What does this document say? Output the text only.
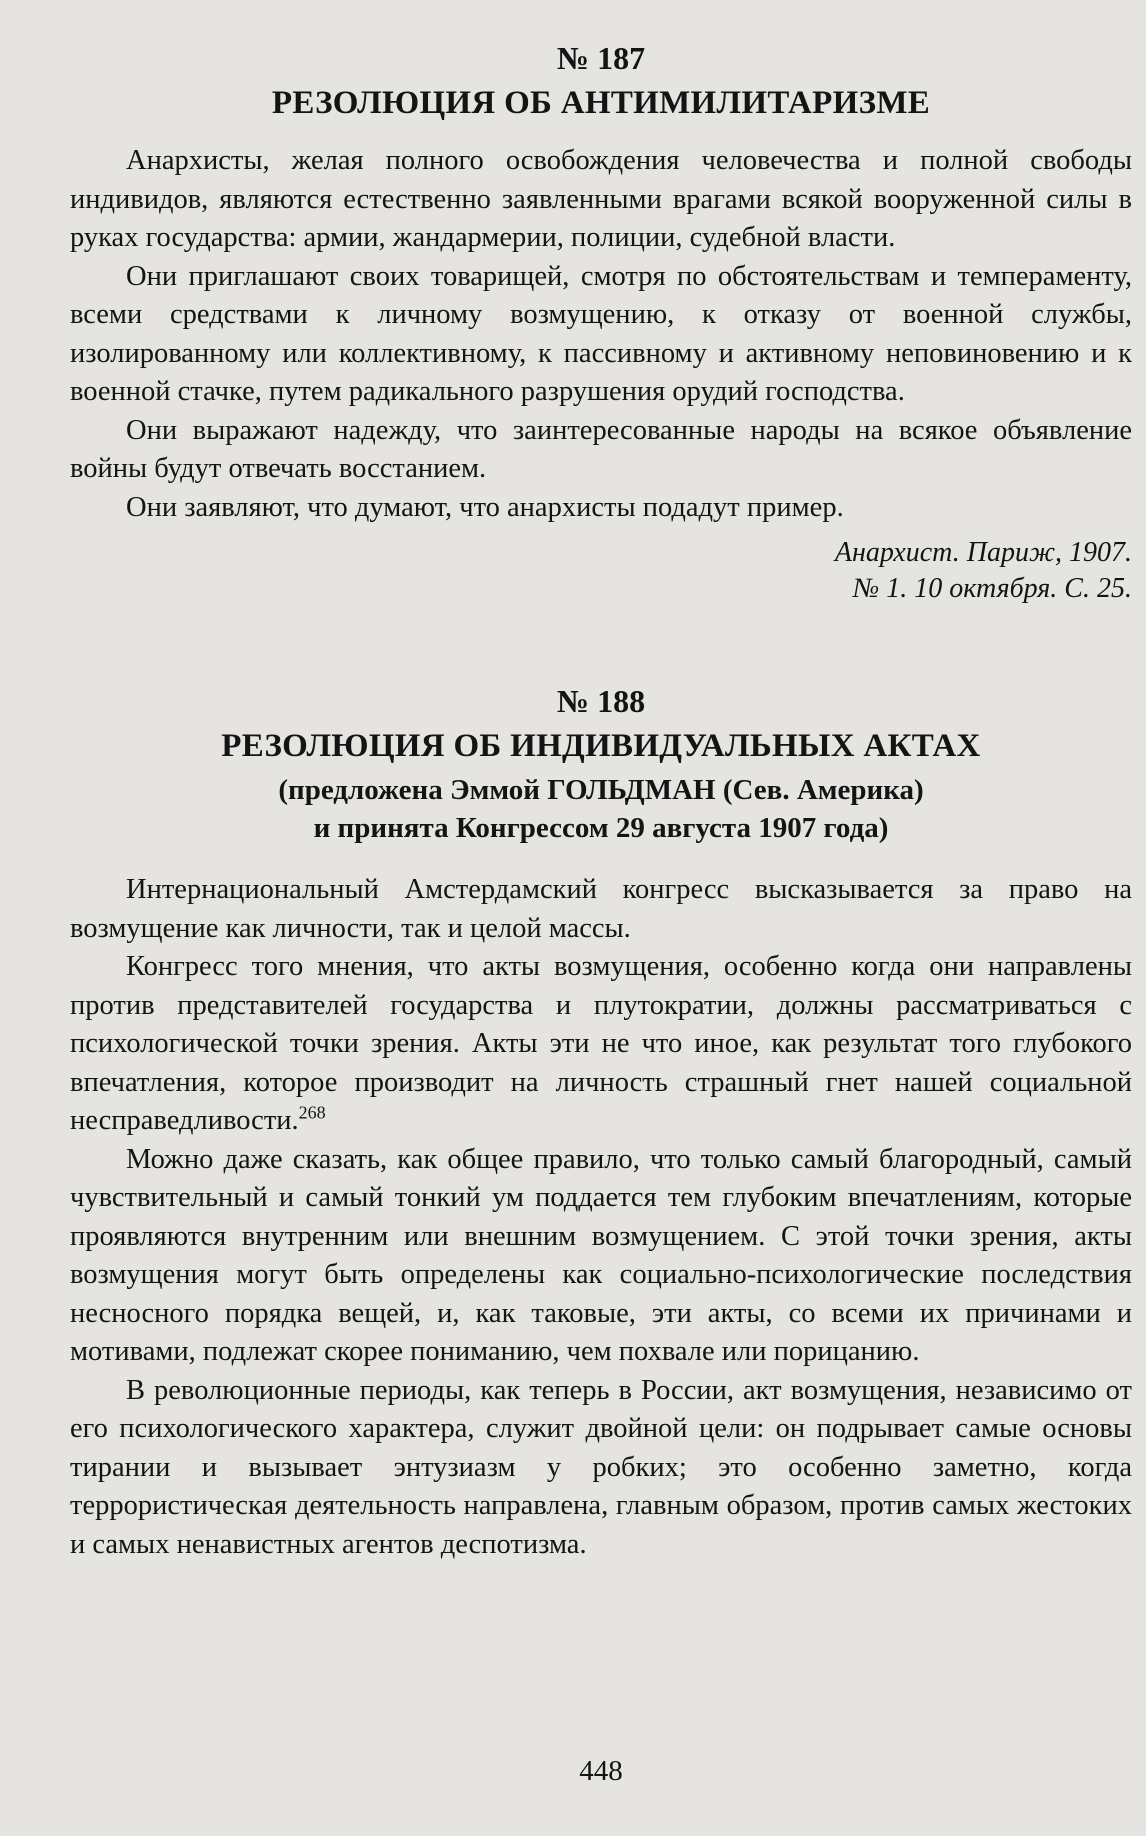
№ 187
РЕЗОЛЮЦИЯ ОБ АНТИМИЛИТАРИЗМЕ

Анархисты, желая полного освобождения человечества и полной свободы индивидов, являются естественно заявленными врагами всякой вооруженной силы в руках государства: армии, жандармерии, полиции, судебной власти.

Они приглашают своих товарищей, смотря по обстоятельствам и темпераменту, всеми средствами к личному возмущению, к отказу от военной службы, изолированному или коллективному, к пассивному и активному неповиновению и к военной стачке, путем радикального разрушения орудий господства.

Они выражают надежду, что заинтересованные народы на всякое объявление войны будут отвечать восстанием.

Они заявляют, что думают, что анархисты подадут пример.

Анархист. Париж, 1907.
№ 1. 10 октября. С. 25.
№ 188
РЕЗОЛЮЦИЯ ОБ ИНДИВИДУАЛЬНЫХ АКТАХ
(предложена Эммой ГОЛЬДМАН (Сев. Америка)
и принята Конгрессом 29 августа 1907 года)

Интернациональный Амстердамский конгресс высказывается за право на возмущение как личности, так и целой массы.

Конгресс того мнения, что акты возмущения, особенно когда они направлены против представителей государства и плутократии, должны рассматриваться с психологической точки зрения. Акты эти не что иное, как результат того глубокого впечатления, которое производит на личность страшный гнет нашей социальной несправедливости.$^{268}$

Можно даже сказать, как общее правило, что только самый благородный, самый чувствительный и самый тонкий ум поддается тем глубоким впечатлениям, которые проявляются внутренним или внешним возмущением. С этой точки зрения, акты возмущения могут быть определены как социально-психологические последствия несносного порядка вещей, и, как таковые, эти акты, со всеми их причинами и мотивами, подлежат скорее пониманию, чем похвале или порицанию.

В революционные периоды, как теперь в России, акт возмущения, независимо от его психологического характера, служит двойной цели: он подрывает самые основы тирании и вызывает энтузиазм у робких; это особенно заметно, когда террористическая деятельность направлена, главным образом, против самых жестоких и самых ненавистных агентов деспотизма.

448
